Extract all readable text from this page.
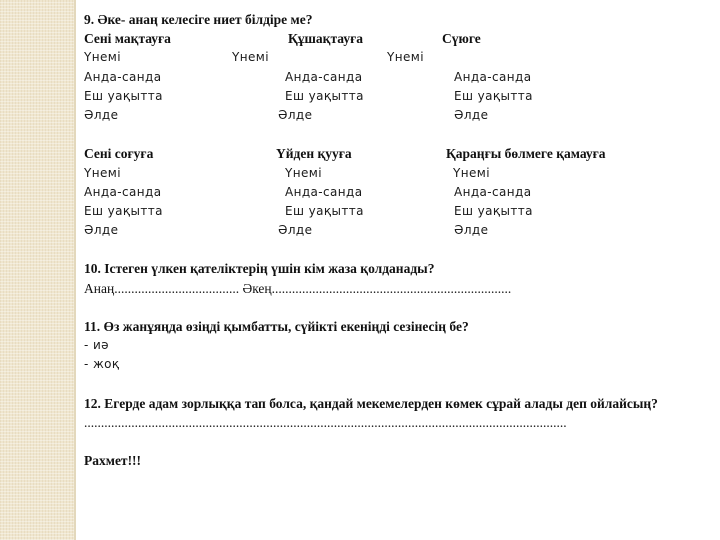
9. Әке- анаң келесіге ниет білдіре ме?
Сені мақтауға	Құшақтауға	Сүюге
Үнемі	Үнемі	Үнемі
Анда-санда	Анда-санда	Анда-санда
Еш уақытта	Еш уақытта	Еш уақытта
Әлде	Әлде	Әлде
Сені соғуға	Үйден қууға	Қараңғы бөлмеге қамауға
Үнемі	Үнемі	Үнемі
Анда-санда	Анда-санда	Анда-санда
Еш уақытта	Еш уақытта	Еш уақытта
Әлде	Әлде	Әлде
10. Істеген үлкен қателіктерің үшін кім жаза қолданады?
Анаң..................................... Әкең.......................................................................
11. Өз жанұяңда өзіңді қымбатты, сүйікті екеніңді сезінесің бе?
- иә
- жоқ
12. Егерде адам зорлыққа тап болса, қандай мекемелерден көмек сұрай алады деп ойлайсың?
...............................................................................................................................................
Рахмет!!!
